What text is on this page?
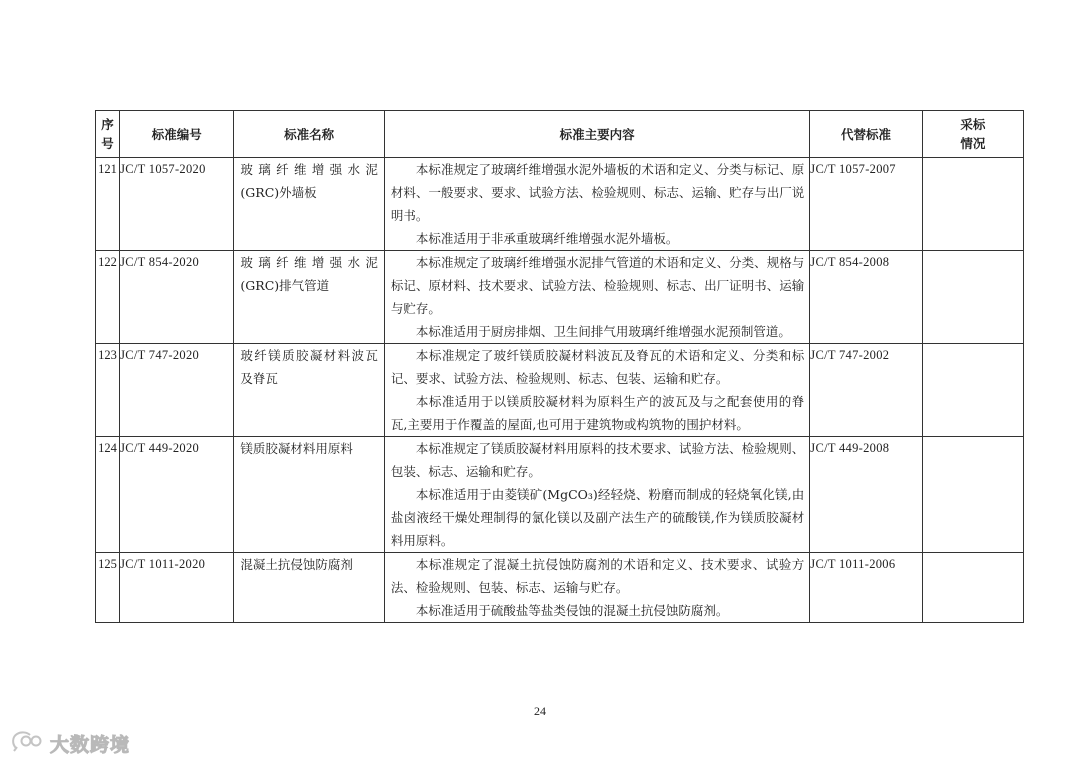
序
号	标准编号	标准名称	标准主要内容	代替标准	采标
情况
121	JC/T 1057-2020	玻璃纤维增强水泥(GRC)外墙板	本标准规定了玻璃纤维增强水泥外墙板的术语和定义、分类与标记、原材料、一般要求、要求、试验方法、检验规则、标志、运输、贮存与出厂说明书。

本标准适用于非承重玻璃纤维增强水泥外墙板。	JC/T 1057-2007	
122	JC/T 854-2020	玻璃纤维增强水泥(GRC)排气管道	本标准规定了玻璃纤维增强水泥排气管道的术语和定义、分类、规格与标记、原材料、技术要求、试验方法、检验规则、标志、出厂证明书、运输与贮存。

本标准适用于厨房排烟、卫生间排气用玻璃纤维增强水泥预制管道。	JC/T 854-2008	
123	JC/T 747-2020	玻纤镁质胶凝材料波瓦及脊瓦	本标准规定了玻纤镁质胶凝材料波瓦及脊瓦的术语和定义、分类和标记、要求、试验方法、检验规则、标志、包装、运输和贮存。

本标准适用于以镁质胶凝材料为原料生产的波瓦及与之配套使用的脊瓦,主要用于作覆盖的屋面,也可用于建筑物或构筑物的围护材料。	JC/T 747-2002	
124	JC/T 449-2020	镁质胶凝材料用原料	本标准规定了镁质胶凝材料用原料的技术要求、试验方法、检验规则、包装、标志、运输和贮存。

本标准适用于由菱镁矿(MgCO₃)经轻烧、粉磨而制成的轻烧氧化镁,由盐卤液经干燥处理制得的氯化镁以及副产法生产的硫酸镁,作为镁质胶凝材料用原料。	JC/T 449-2008	
125	JC/T 1011-2020	混凝土抗侵蚀防腐剂	本标准规定了混凝土抗侵蚀防腐剂的术语和定义、技术要求、试验方法、检验规则、包装、标志、运输与贮存。

本标准适用于硫酸盐等盐类侵蚀的混凝土抗侵蚀防腐剂。	JC/T 1011-2006	
24
大数跨境
